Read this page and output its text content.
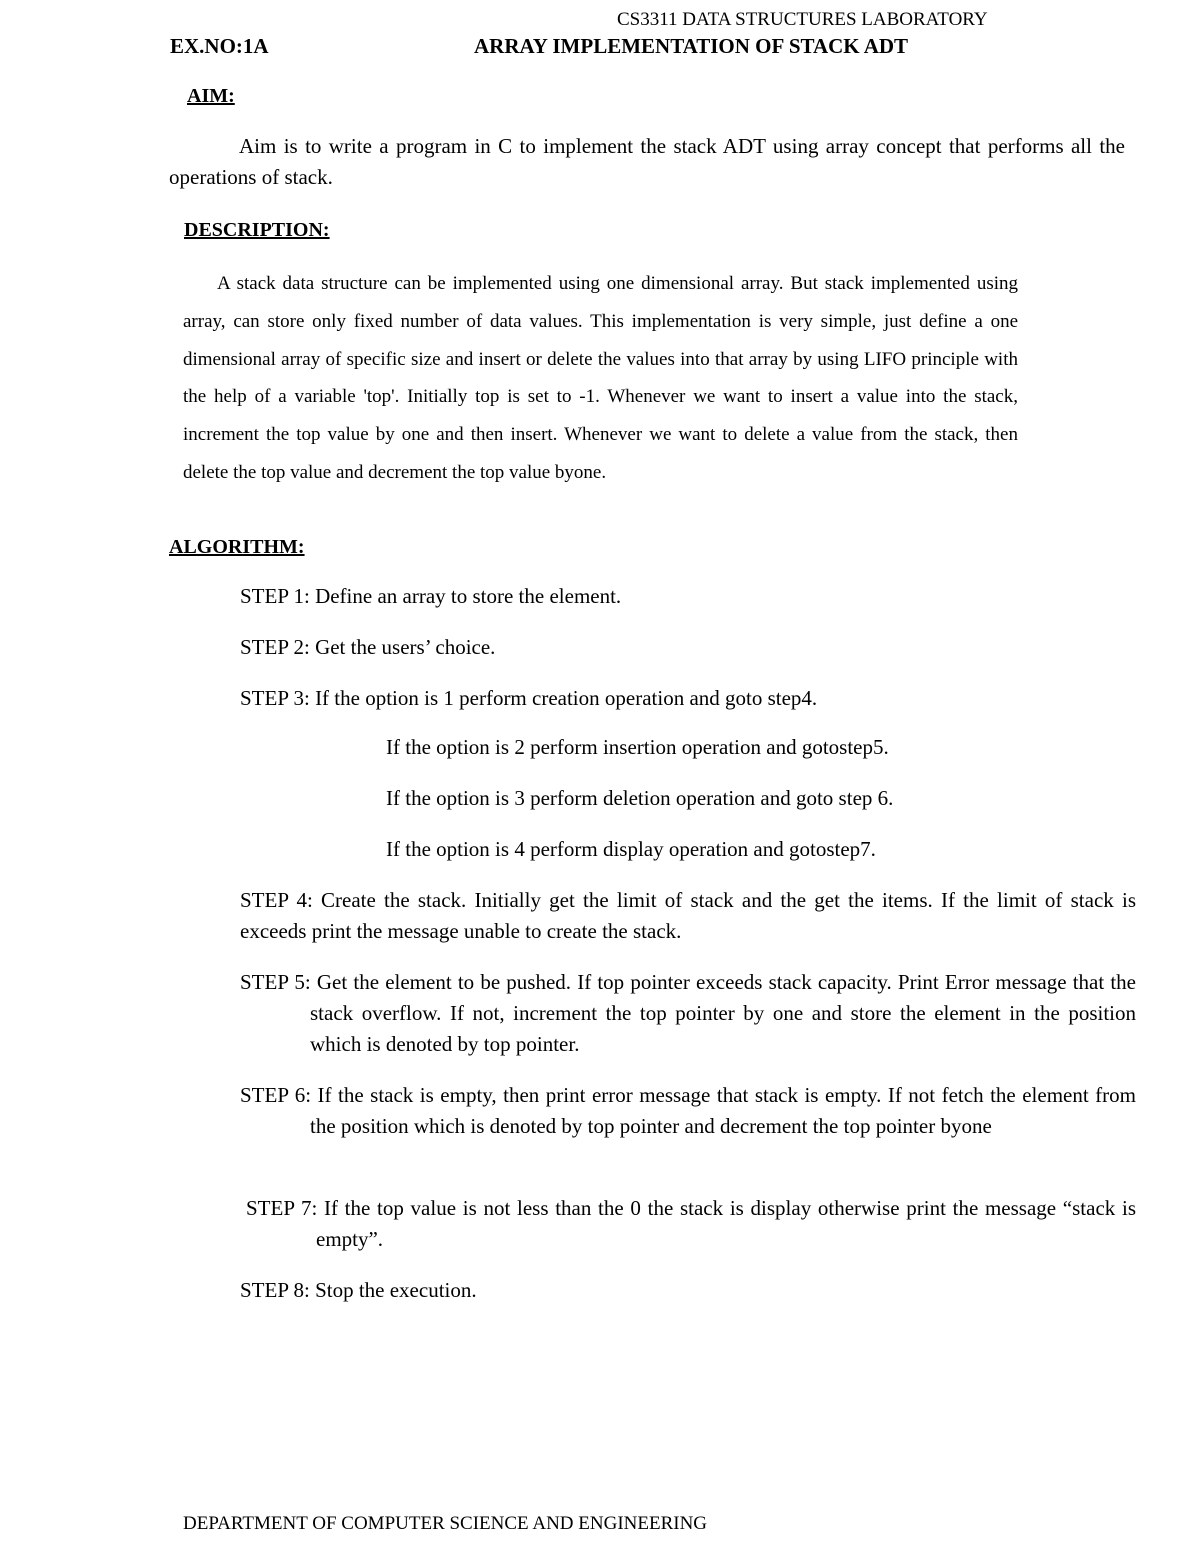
CS3311 DATA STRUCTURES LABORATORY
EX.NO:1A	ARRAY IMPLEMENTATION OF STACK ADT
AIM:
Aim is to write a program in C to implement the stack ADT using array concept that performs all the operations of stack.
DESCRIPTION:
A stack data structure can be implemented using one dimensional array. But stack implemented using array, can store only fixed number of data values. This implementation is very simple, just define a one dimensional array of specific size and insert or delete the values into that array by using LIFO principle with the help of a variable 'top'. Initially top is set to -1. Whenever we want to insert a value into the stack, increment the top value by one and then insert. Whenever we want to delete a value from the stack, then delete the top value and decrement the top value byone.
ALGORITHM:
STEP 1: Define an array to store the element.
STEP 2: Get the users’ choice.
STEP 3: If the option is 1 perform creation operation and goto step4.
If the option is 2 perform insertion operation and gotostep5.
If the option is 3 perform deletion operation and goto step 6.
If the option is 4 perform display operation and gotostep7.
STEP 4: Create the stack. Initially get the limit of stack and the get the items. If the limit of stack is exceeds print the message unable to create the stack.
STEP 5: Get the element to be pushed. If top pointer exceeds stack capacity. Print Error message that the stack overflow. If not, increment the top pointer by one and store the element in the position which is denoted by top pointer.
STEP 6: If the stack is empty, then print error message that stack is empty. If not fetch the element from the position which is denoted by top pointer and decrement the top pointer byone
STEP 7: If the top value is not less than the 0 the stack is display otherwise print the message “stack is empty”.
STEP 8: Stop the execution.
DEPARTMENT OF COMPUTER SCIENCE AND ENGINEERING
